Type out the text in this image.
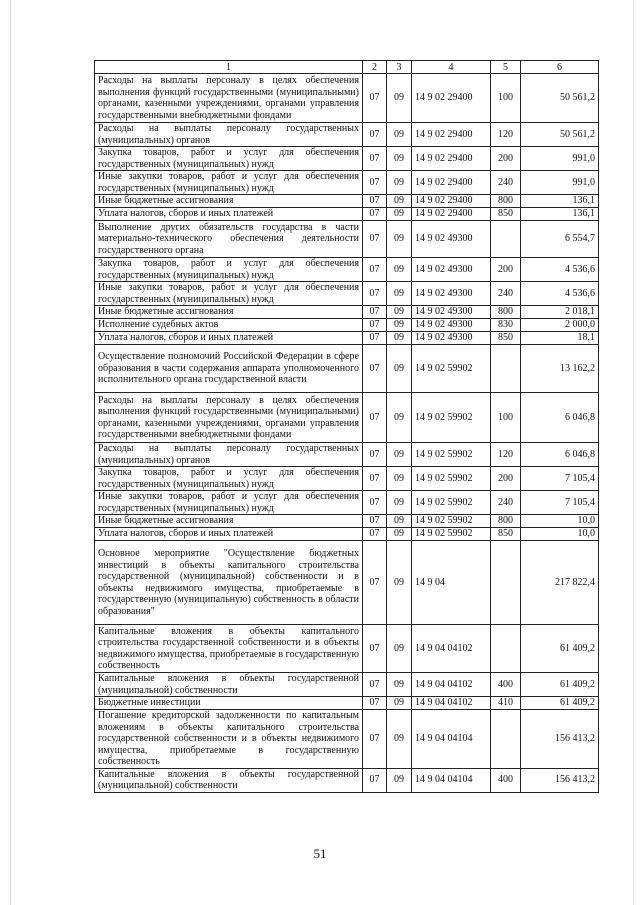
1	2	3	4	5	6
Расходы на выплаты персоналу в целях обеспечения выполнения функций государственными (муниципальными) органами, казенными учреждениями, органами управления государственными внебюджетными фондами	07	09	14 9 02 29400	100	50 561,2
Расходы на выплаты персоналу государственных (муниципальных) органов	07	09	14 9 02 29400	120	50 561,2
Закупка товаров, работ и услуг для обеспечения государственных (муниципальных) нужд	07	09	14 9 02 29400	200	991,0
Иные закупки товаров, работ и услуг для обеспечения государственных (муниципальных) нужд	07	09	14 9 02 29400	240	991,0
Иные бюджетные ассигнования	07	09	14 9 02 29400	800	136,1
Уплата налогов, сборов и иных платежей	07	09	14 9 02 29400	850	136,1
Выполнение других обязательств государства в части материально-технического обеспечения деятельности государственного органа	07	09	14 9 02 49300		6 554,7
Закупка товаров, работ и услуг для обеспечения государственных (муниципальных) нужд	07	09	14 9 02 49300	200	4 536,6
Иные закупки товаров, работ и услуг для обеспечения государственных (муниципальных) нужд	07	09	14 9 02 49300	240	4 536,6
Иные бюджетные ассигнования	07	09	14 9 02 49300	800	2 018,1
Исполнение судебных актов	07	09	14 9 02 49300	830	2 000,0
Уплата налогов, сборов и иных платежей	07	09	14 9 02 49300	850	18,1
Осуществление полномочий Российской Федерации в сфере образования в части содержания аппарата уполномоченного исполнительного органа государственной власти	07	09	14 9 02 59902		13 162,2
Расходы на выплаты персоналу в целях обеспечения выполнения функций государственными (муниципальными) органами, казенными учреждениями, органами управления государственными внебюджетными фондами	07	09	14 9 02 59902	100	6 046,8
Расходы на выплаты персоналу государственных (муниципальных) органов	07	09	14 9 02 59902	120	6 046,8
Закупка товаров, работ и услуг для обеспечения государственных (муниципальных) нужд	07	09	14 9 02 59902	200	7 105,4
Иные закупки товаров, работ и услуг для обеспечения государственных (муниципальных) нужд	07	09	14 9 02 59902	240	7 105,4
Иные бюджетные ассигнования	07	09	14 9 02 59902	800	10,0
Уплата налогов, сборов и иных платежей	07	09	14 9 02 59902	850	10,0
Основное мероприятие "Осуществление бюджетных инвестиций в объекты капитального строительства государственной (муниципальной) собственности и в объекты недвижимого имущества, приобретаемые в государственную (муниципальную) собственность в области образования"	07	09	14 9 04		217 822,4
Капитальные вложения в объекты капитального строительства государственной собственности и в объекты недвижимого имущества, приобретаемые в государственную собственность	07	09	14 9 04 04102		61 409,2
Капитальные вложения в объекты государственной (муниципальной) собственности	07	09	14 9 04 04102	400	61 409,2
Бюджетные инвестиции	07	09	14 9 04 04102	410	61 409,2
Погашение кредиторской задолженности по капитальным вложениям в объекты капитального строительства государственной собственности и в объекты недвижимого имущества, приобретаемые в государственную собственность	07	09	14 9 04 04104		156 413,2
Капитальные вложения в объекты государственной (муниципальной) собственности	07	09	14 9 04 04104	400	156 413,2
51
